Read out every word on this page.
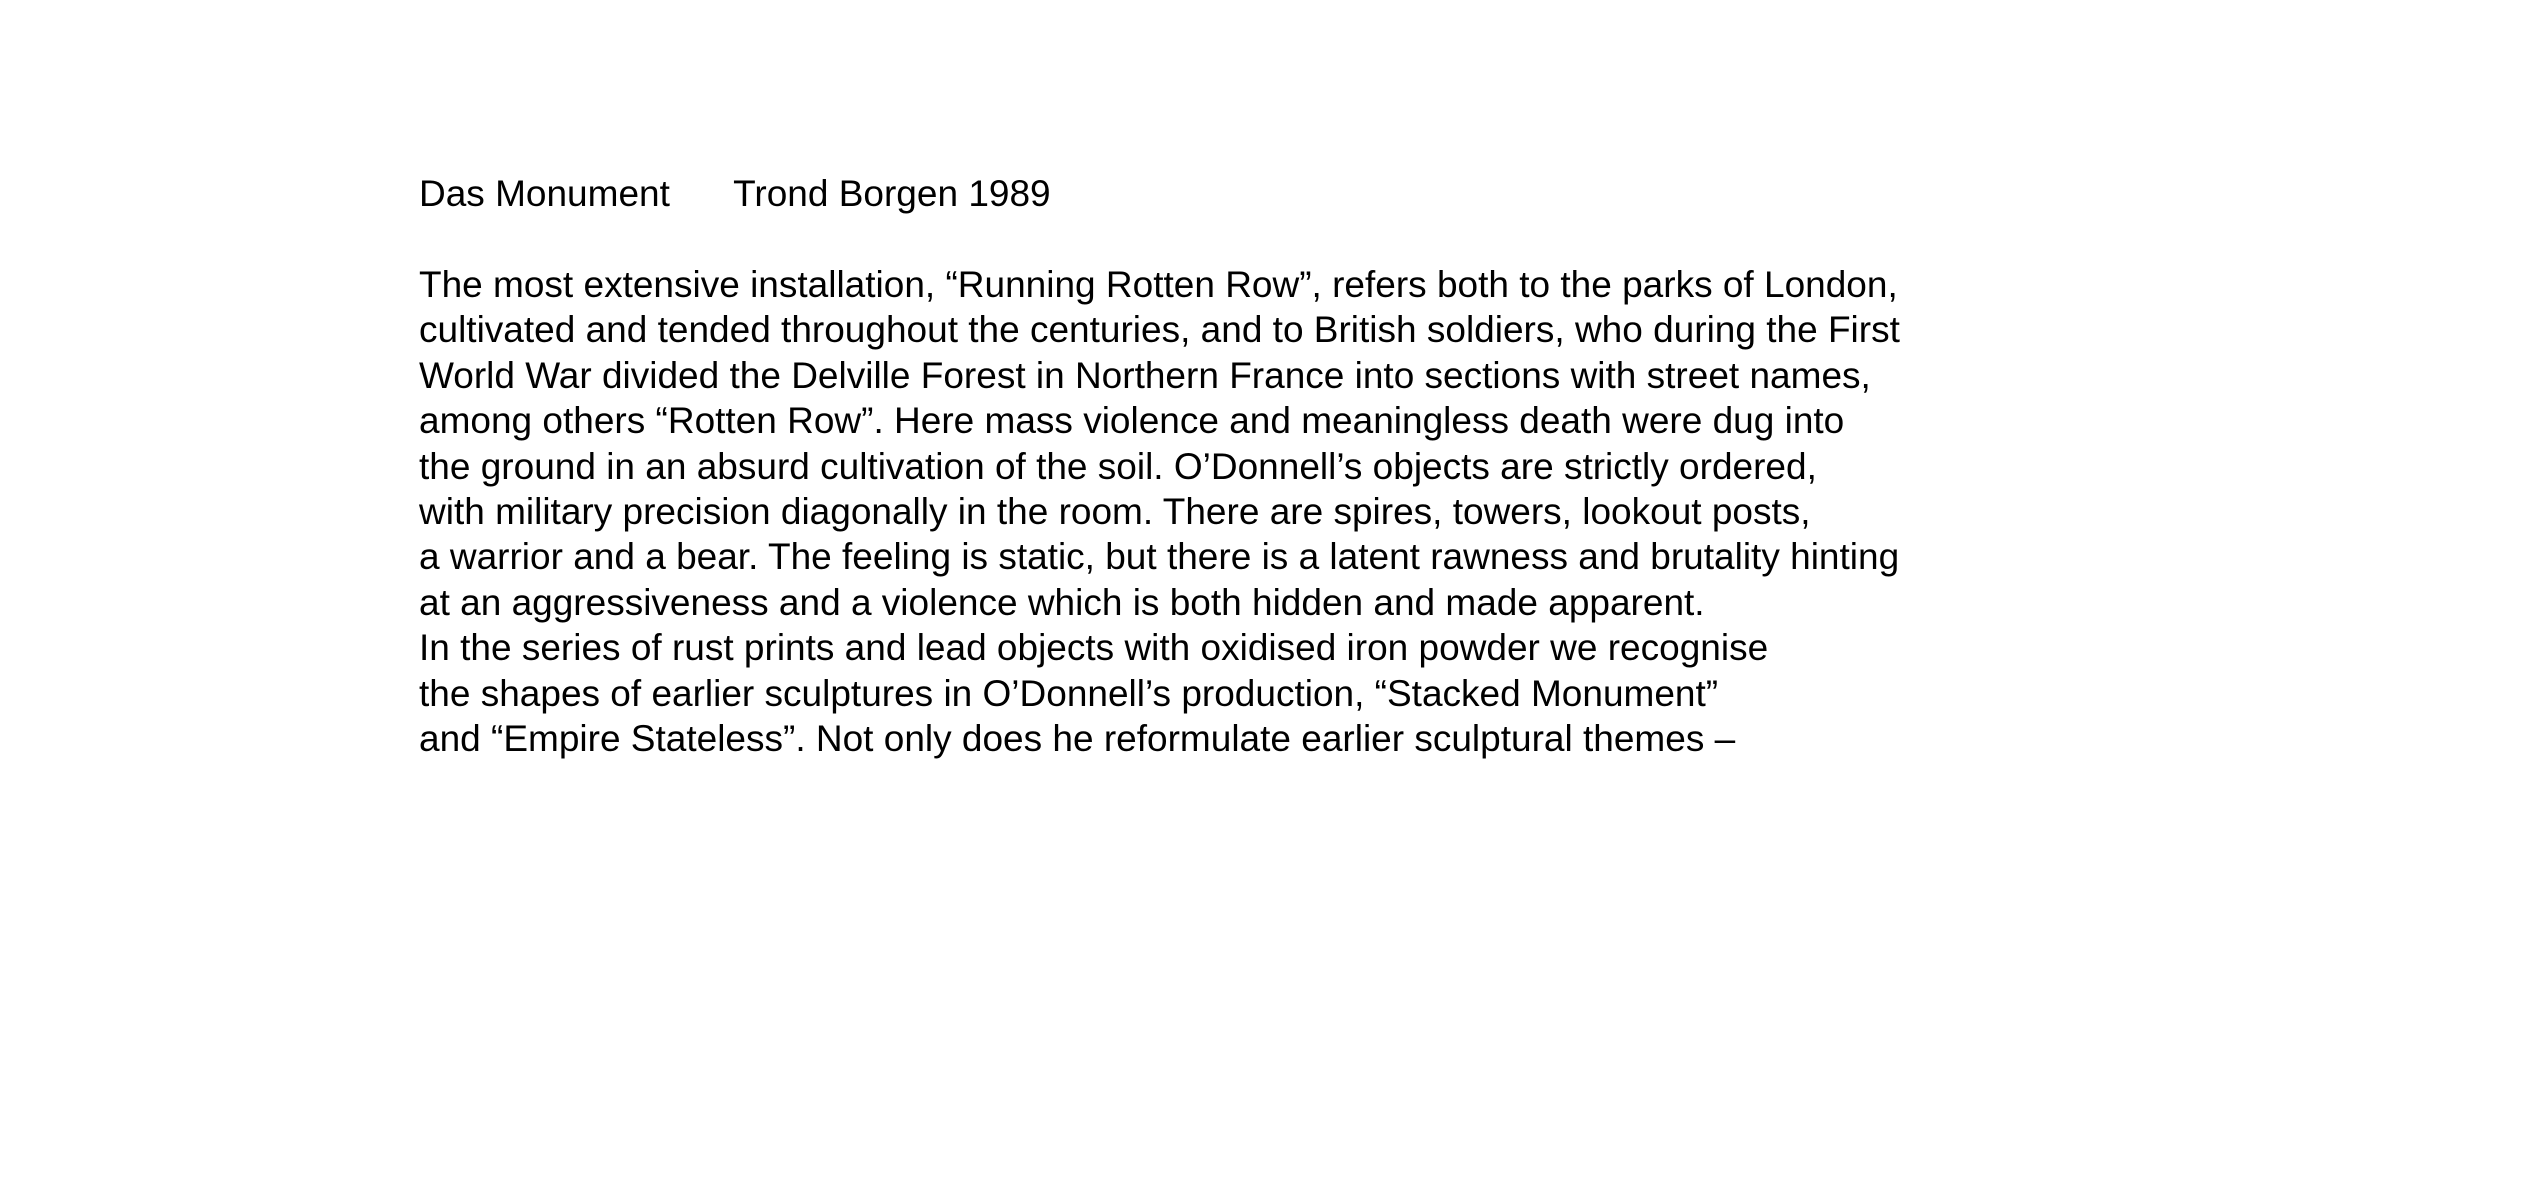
Das Monument Trond Borgen 1989
The most extensive installation, “Running Rotten Row”, refers both to the parks of London,
cultivated and tended throughout the centuries, and to British soldiers, who during the First
World War divided the Delville Forest in Northern France into sections with street names,
among others “Rotten Row”. Here mass violence and meaningless death were dug into
the ground in an absurd cultivation of the soil. O’Donnell’s objects are strictly ordered,
with military precision diagonally in the room. There are spires, towers, lookout posts,
a warrior and a bear. The feeling is static, but there is a latent rawness and brutality hinting
at an aggressiveness and a violence which is both hidden and made apparent.
In the series of rust prints and lead objects with oxidised iron powder we recognise
the shapes of earlier sculptures in O’Donnell’s production, “Stacked Monument”
and “Empire Stateless”. Not only does he reformulate earlier sculptural themes –
